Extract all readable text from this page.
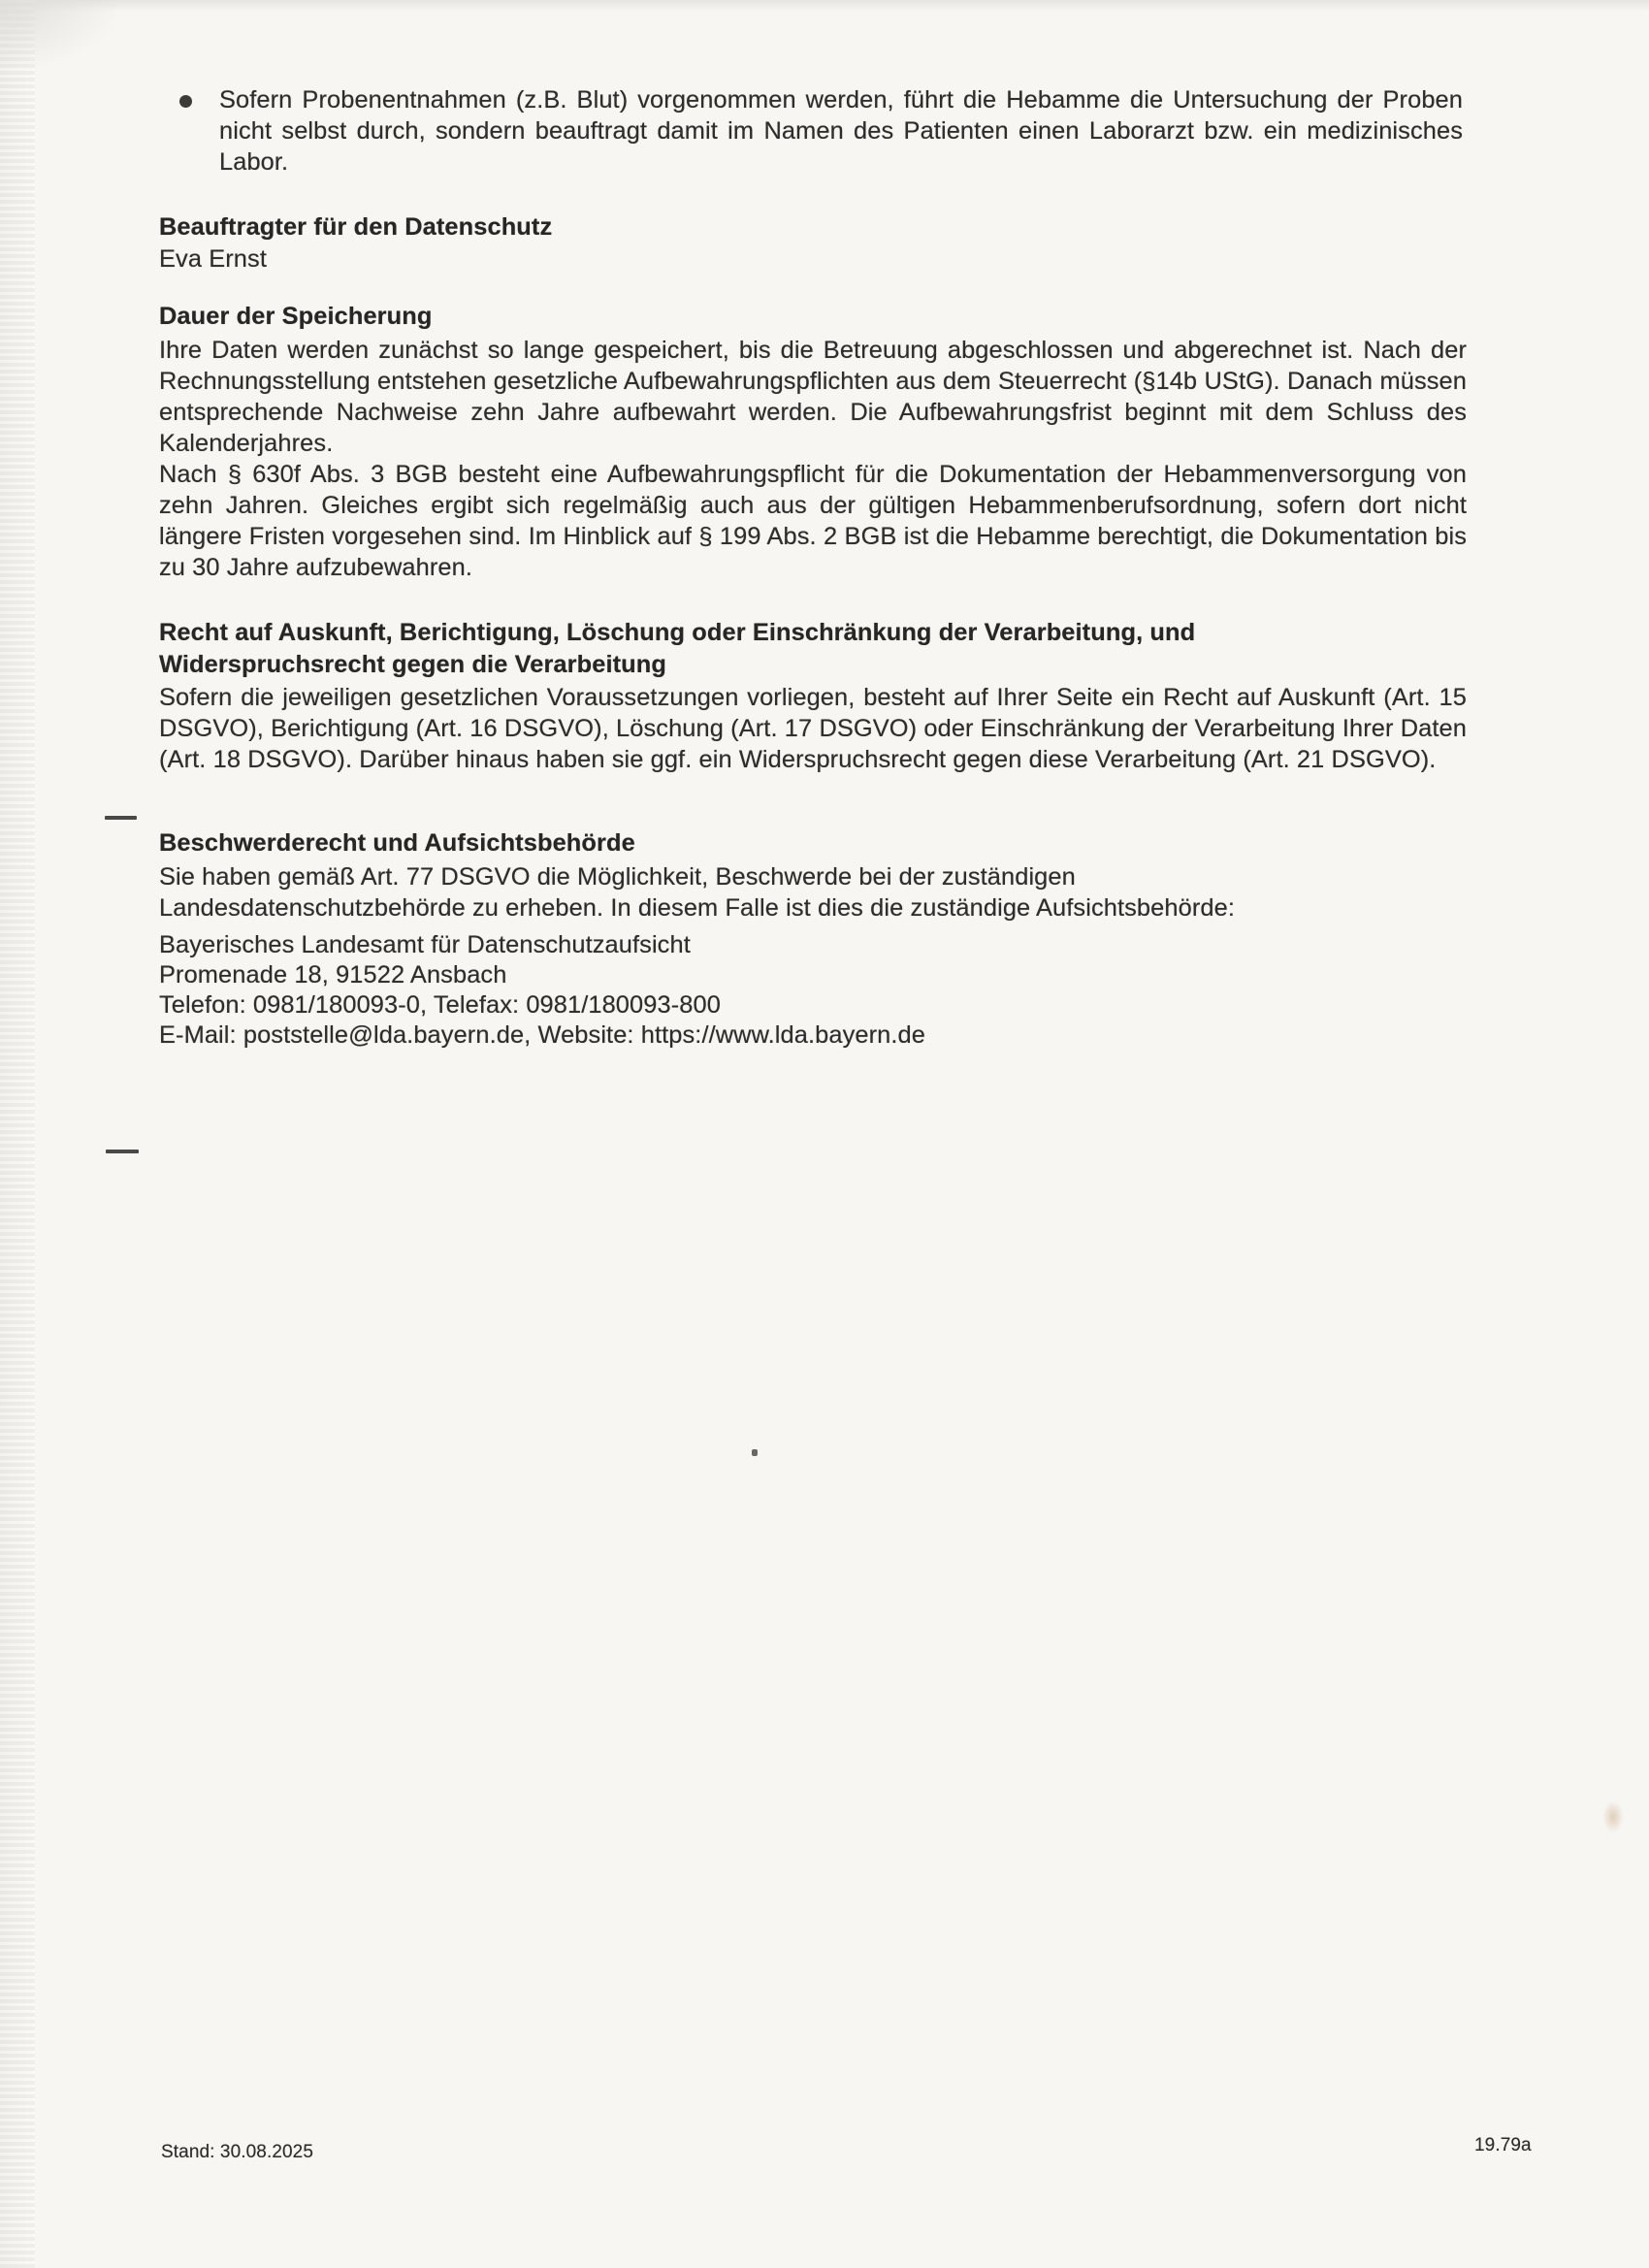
Sofern Probenentnahmen (z.B. Blut) vorgenommen werden, führt die Hebamme die Untersuchung der Proben nicht selbst durch, sondern beauftragt damit im Namen des Patienten einen Laborarzt bzw. ein medizinisches Labor.
Beauftragter für den Datenschutz
Eva Ernst
Dauer der Speicherung
Ihre Daten werden zunächst so lange gespeichert, bis die Betreuung abgeschlossen und abgerechnet ist. Nach der Rechnungsstellung entstehen gesetzliche Aufbewahrungspflichten aus dem Steuerrecht (§14b UStG). Danach müssen entsprechende Nachweise zehn Jahre aufbewahrt werden. Die Aufbewahrungsfrist beginnt mit dem Schluss des Kalenderjahres.
Nach § 630f Abs. 3 BGB besteht eine Aufbewahrungspflicht für die Dokumentation der Hebammenversorgung von zehn Jahren. Gleiches ergibt sich regelmäßig auch aus der gültigen Hebammenberufsordnung, sofern dort nicht längere Fristen vorgesehen sind. Im Hinblick auf § 199 Abs. 2 BGB ist die Hebamme berechtigt, die Dokumentation bis zu 30 Jahre aufzubewahren.
Recht auf Auskunft, Berichtigung, Löschung oder Einschränkung der Verarbeitung, und
Widerspruchsrecht gegen die Verarbeitung
Sofern die jeweiligen gesetzlichen Voraussetzungen vorliegen, besteht auf Ihrer Seite ein Recht auf Auskunft (Art. 15 DSGVO), Berichtigung (Art. 16 DSGVO), Löschung (Art. 17 DSGVO) oder Einschränkung der Verarbeitung Ihrer Daten (Art. 18 DSGVO). Darüber hinaus haben sie ggf. ein Widerspruchsrecht gegen diese Verarbeitung (Art. 21 DSGVO).
Beschwerderecht und Aufsichtsbehörde
Sie haben gemäß Art. 77 DSGVO die Möglichkeit, Beschwerde bei der zuständigen
Landesdatenschutzbehörde zu erheben. In diesem Falle ist dies die zuständige Aufsichtsbehörde:
Bayerisches Landesamt für Datenschutzaufsicht
Promenade 18, 91522 Ansbach
Telefon: 0981/180093-0, Telefax: 0981/180093-800
E-Mail: poststelle@lda.bayern.de, Website: https://www.lda.bayern.de
Stand: 30.08.2025	19.79a
